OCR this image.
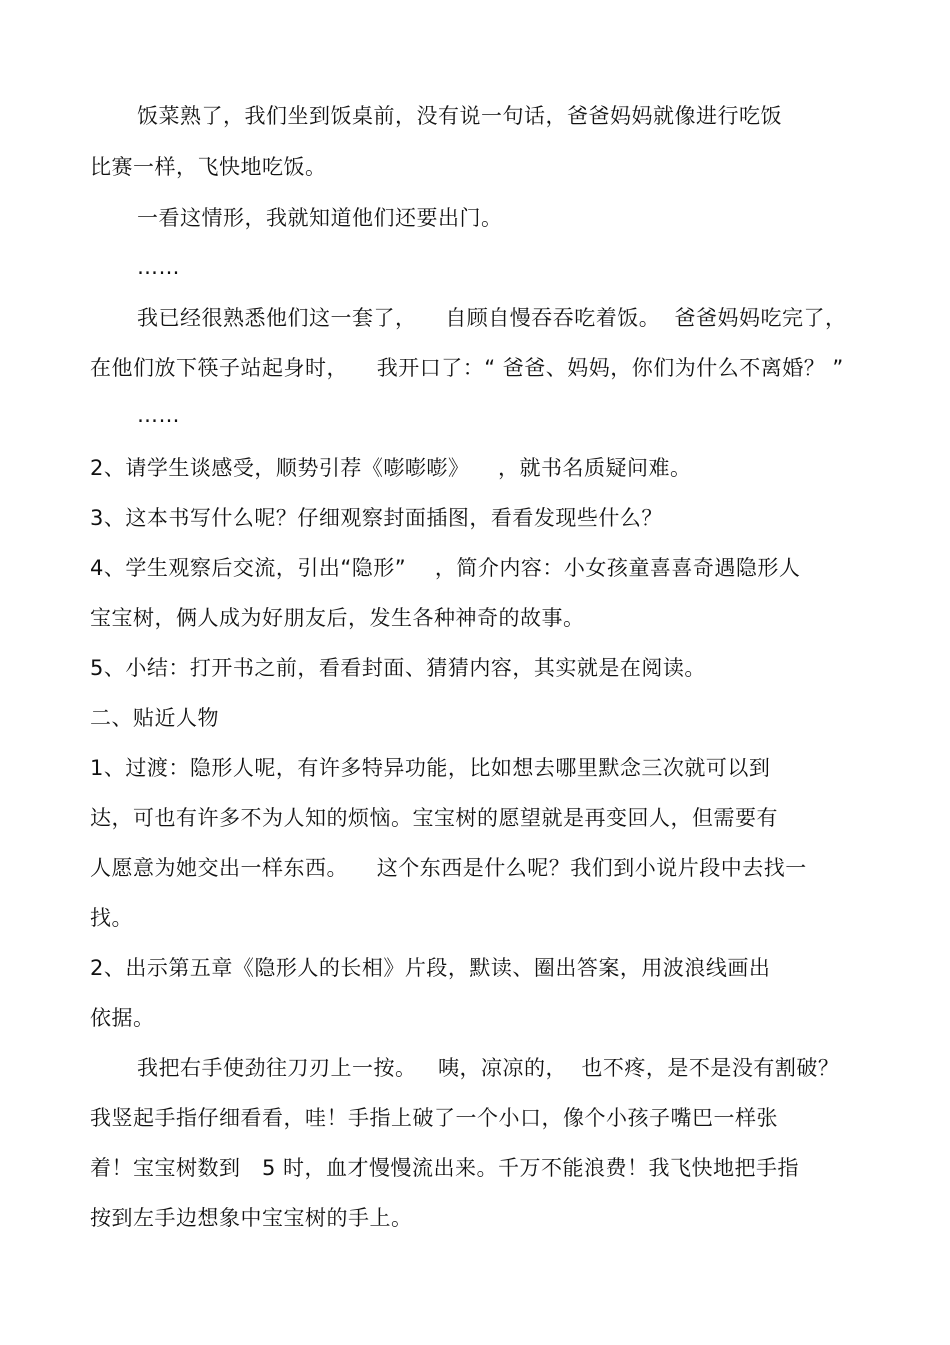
饭菜熟了，我们坐到饭桌前，没有说一句话，爸爸妈妈就像进行吃饭
比赛一样，飞快地吃饭。
一看这情形，我就知道他们还要出门。
……
我已经很熟悉他们这一套了，    自顾自慢吞吞吃着饭。  爸爸妈妈吃完了，
在他们放下筷子站起身时，    我开口了：“ 爸爸、妈妈，你们为什么不离婚？ ”
……
2、请学生谈感受，顺势引荐《嘭嘭嘭》    ，就书名质疑问难。
3、这本书写什么呢？仔细观察封面插图，看看发现些什么？
4、学生观察后交流，引出“隐形”    ，简介内容：小女孩童喜喜奇遇隐形人
宝宝树，俩人成为好朋友后，发生各种神奇的故事。
5、小结：打开书之前，看看封面、猜猜内容，其实就是在阅读。
二、贴近人物
1、过渡：隐形人呢，有许多特异功能，比如想去哪里默念三次就可以到
达，可也有许多不为人知的烦恼。宝宝树的愿望就是再变回人，但需要有
人愿意为她交出一样东西。    这个东西是什么呢？我们到小说片段中去找一
找。
2、出示第五章《隐形人的长相》片段，默读、圈出答案，用波浪线画出
依据。
我把右手使劲往刀刃上一按。   咦，凉凉的，  也不疼，是不是没有割破？
我竖起手指仔细看看，哇！手指上破了一个小口，像个小孩子嘴巴一样张
着！宝宝树数到   5 时，血才慢慢流出来。千万不能浪费！我飞快地把手指
按到左手边想象中宝宝树的手上。
